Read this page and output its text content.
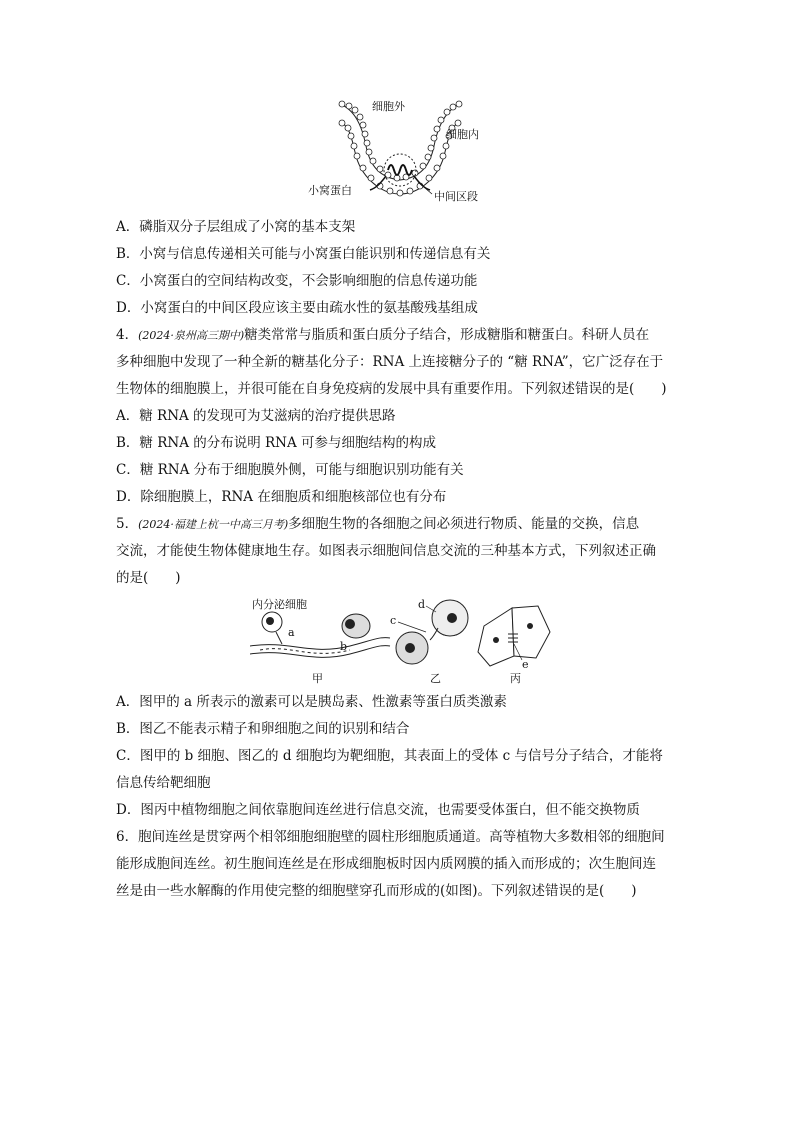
细胞外
细胞内
小窝蛋白	中间区段
A．磷脂双分子层组成了小窝的基本支架
B．小窝与信息传递相关可能与小窝蛋白能识别和传递信息有关
C．小窝蛋白的空间结构改变，不会影响细胞的信息传递功能
D．小窝蛋白的中间区段应该主要由疏水性的氨基酸残基组成
4．(2024·泉州高三期中)糖类常常与脂质和蛋白质分子结合，形成糖脂和糖蛋白。科研人员在
多种细胞中发现了一种全新的糖基化分子：RNA 上连接糖分子的 “糖 RNA”，它广泛存在于
生物体的细胞膜上，并很可能在自身免疫病的发展中具有重要作用。下列叙述错误的是(　　)
A．糖 RNA 的发现可为艾滋病的治疗提供思路
B．糖 RNA 的分布说明 RNA 可参与细胞结构的构成
C．糖 RNA 分布于细胞膜外侧，可能与细胞识别功能有关
D．除细胞膜上，RNA 在细胞质和细胞核部位也有分布
5．(2024·福建上杭一中高三月考)多细胞生物的各细胞之间必须进行物质、能量的交换，信息
交流，才能使生物体健康地生存。如图表示细胞间信息交流的三种基本方式，下列叙述正确
的是(　　)
内分泌细胞
a
b
c
d
e
甲	乙	丙
A．图甲的 a 所表示的激素可以是胰岛素、性激素等蛋白质类激素
B．图乙不能表示精子和卵细胞之间的识别和结合
C．图甲的 b 细胞、图乙的 d 细胞均为靶细胞，其表面上的受体 c 与信号分子结合，才能将
信息传给靶细胞
D．图丙中植物细胞之间依靠胞间连丝进行信息交流，也需要受体蛋白，但不能交换物质
6．胞间连丝是贯穿两个相邻细胞细胞壁的圆柱形细胞质通道。高等植物大多数相邻的细胞间
能形成胞间连丝。初生胞间连丝是在形成细胞板时因内质网膜的插入而形成的；次生胞间连
丝是由一些水解酶的作用使完整的细胞壁穿孔而形成的(如图)。下列叙述错误的是(　　)
